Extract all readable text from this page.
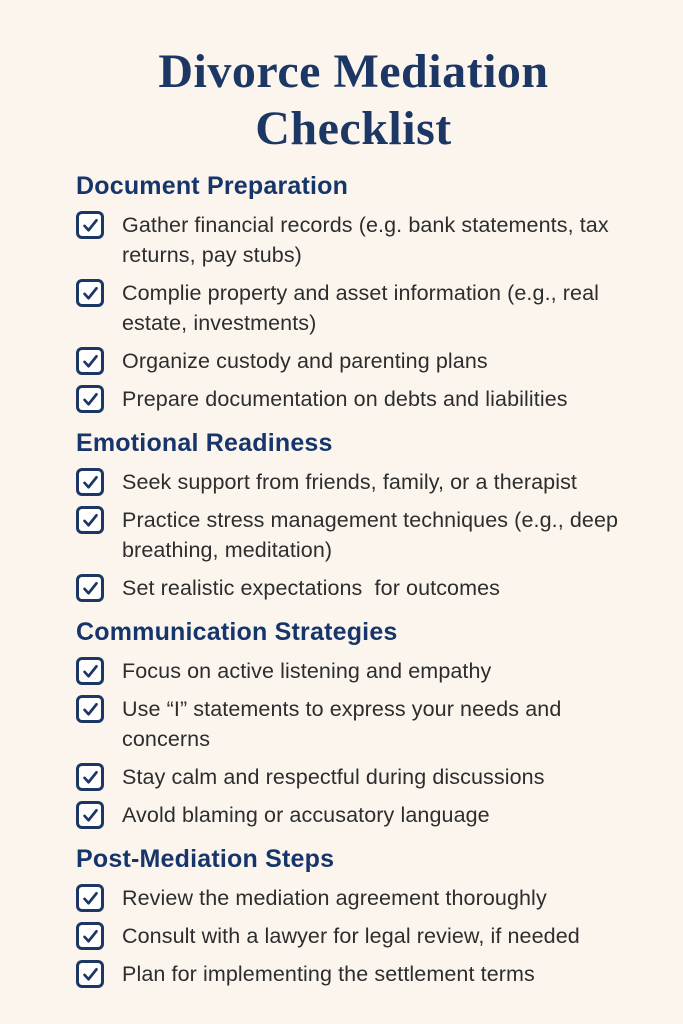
Divorce Mediation Checklist
Document Preparation
Gather financial records (e.g. bank statements, tax returns, pay stubs)
Complie property and asset information (e.g., real estate, investments)
Organize custody and parenting plans
Prepare documentation on debts and liabilities
Emotional Readiness
Seek support from friends, family, or a therapist
Practice stress management techniques (e.g., deep breathing, meditation)
Set realistic expectations  for outcomes
Communication Strategies
Focus on active listening and empathy
Use “I” statements to express your needs and concerns
Stay calm and respectful during discussions
Avold blaming or accusatory language
Post-Mediation Steps
Review the mediation agreement thoroughly
Consult with a lawyer for legal review, if needed
Plan for implementing the settlement terms
